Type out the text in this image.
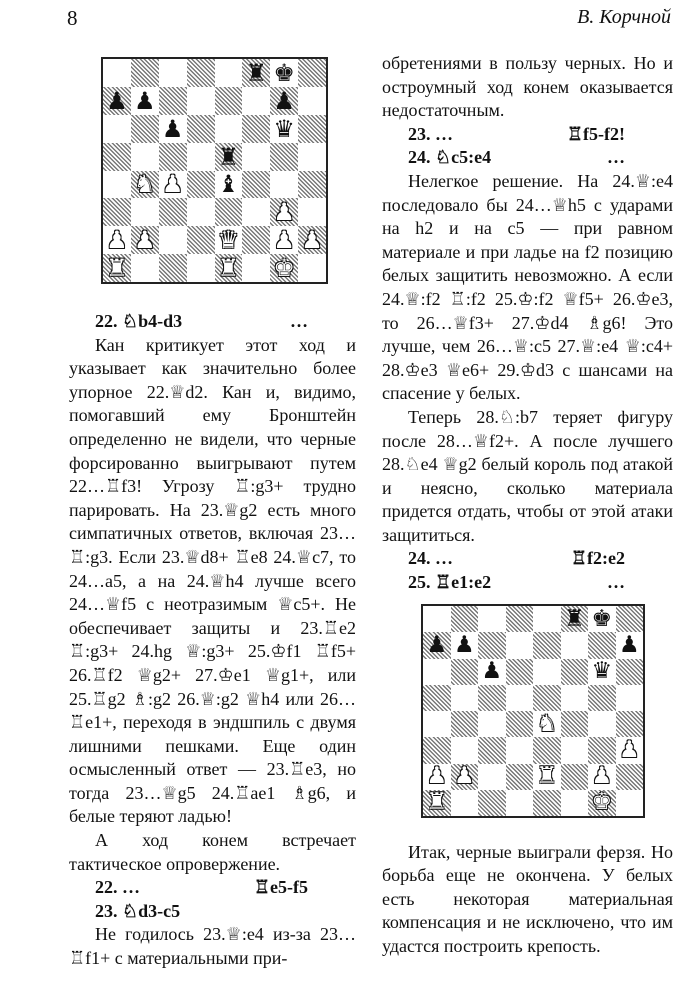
8	В. Корчной
♜ ♚
♟ ♟	♟
♟	♛
♜
♞ ♟ ♝
♟
♟ ♟	♛ ♟ ♟
♜	♜ ♚
♜ ♚
♟ ♟	♟
♟	♛
♞
♟
♟ ♟	♜ ♟
♜	♚
22. ♘b4-d3	…

Кан критикует этот ход и указывает как значительно более упорное 22.♕d2. Кан и, видимо, помогавший ему Бронштейн определенно не видели, что черные форсированно выигрывают путем 22…♖f3! Угрозу ♖:g3+ трудно парировать. На 23.♕g2 есть много симпатичных ответов, включая 23…♖:g3. Если 23.♕d8+ ♖e8 24.♕c7, то 24…a5, а на 24.♕h4 лучше всего 24…♕f5 с неотразимым ♕c5+. Не обеспечивает защиты и 23.♖e2 ♖:g3+ 24.hg ♕:g3+ 25.♔f1 ♖f5+ 26.♖f2 ♕g2+ 27.♔e1 ♕g1+, или 25.♖g2 ♗:g2 26.♕:g2 ♕h4 или 26…♖e1+, переходя в эндшпиль с двумя лишними пешками. Еще один осмысленный ответ — 23.♖e3, но тогда 23…♕g5 24.♖ae1 ♗g6, и белые теряют ладью!

А ход конем встречает тактическое опровержение.

22. …	♖e5-f5
23. ♘d3-c5

Не годилось 23.♕:e4 из-за 23…♖f1+ с материальными при-

обретениями в пользу черных. Но и остроумный ход конем оказывается недостаточным.

23. …	♖f5-f2!
24. ♘c5:e4	…

Нелегкое решение. На 24.♕:e4 последовало бы 24…♕h5 с ударами на h2 и на c5 — при равном материале и при ладье на f2 позицию белых защитить невозможно. А если 24.♕:f2 ♖:f2 25.♔:f2 ♕f5+ 26.♔e3, то 26…♕f3+ 27.♔d4 ♗g6! Это лучше, чем 26…♕:c5 27.♕:e4 ♕:c4+ 28.♔e3 ♕e6+ 29.♔d3 с шансами на спасение у белых.

Теперь 28.♘:b7 теряет фигуру после 28…♕f2+. А после лучшего 28.♘e4 ♕g2 белый король под атакой и неясно, сколько материала придется отдать, чтобы от этой атаки защититься.

24. …	♖f2:e2
25. ♖e1:e2	…

Итак, черные выиграли ферзя. Но борьба еще не окончена. У белых есть некоторая материальная компенсация и не исключено, что им удастся построить крепость.
